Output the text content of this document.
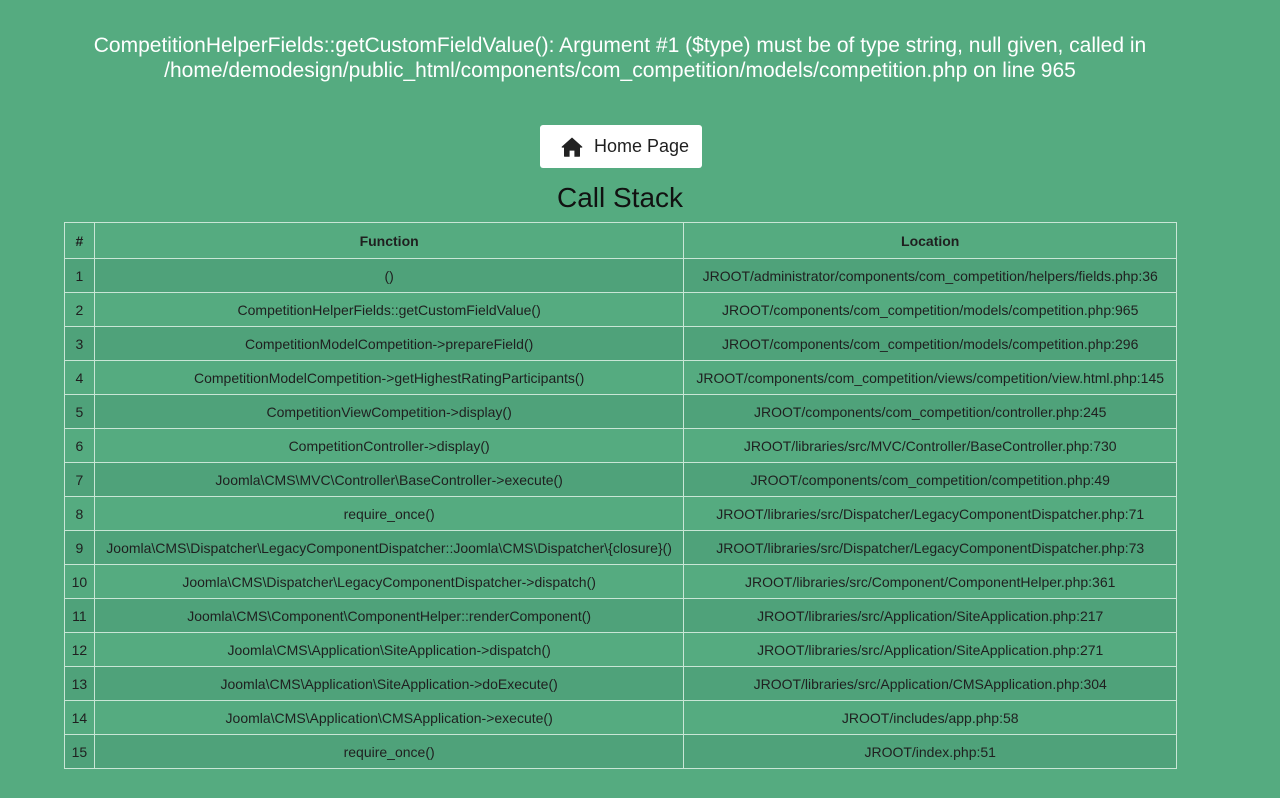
CompetitionHelperFields::getCustomFieldValue(): Argument #1 ($type) must be of type string, null given, called in
/home/demodesign/public_html/components/com_competition/models/competition.php on line 965
Home Page
Call Stack
#	Function	Location
1	()	JROOT/administrator/components/com_competition/helpers/fields.php:36
2	CompetitionHelperFields::getCustomFieldValue()	JROOT/components/com_competition/models/competition.php:965
3	CompetitionModelCompetition->prepareField()	JROOT/components/com_competition/models/competition.php:296
4	CompetitionModelCompetition->getHighestRatingParticipants()	JROOT/components/com_competition/views/competition/view.html.php:145
5	CompetitionViewCompetition->display()	JROOT/components/com_competition/controller.php:245
6	CompetitionController->display()	JROOT/libraries/src/MVC/Controller/BaseController.php:730
7	Joomla\CMS\MVC\Controller\BaseController->execute()	JROOT/components/com_competition/competition.php:49
8	require_once()	JROOT/libraries/src/Dispatcher/LegacyComponentDispatcher.php:71
9	Joomla\CMS\Dispatcher\LegacyComponentDispatcher::Joomla\CMS\Dispatcher\{closure}()	JROOT/libraries/src/Dispatcher/LegacyComponentDispatcher.php:73
10	Joomla\CMS\Dispatcher\LegacyComponentDispatcher->dispatch()	JROOT/libraries/src/Component/ComponentHelper.php:361
11	Joomla\CMS\Component\ComponentHelper::renderComponent()	JROOT/libraries/src/Application/SiteApplication.php:217
12	Joomla\CMS\Application\SiteApplication->dispatch()	JROOT/libraries/src/Application/SiteApplication.php:271
13	Joomla\CMS\Application\SiteApplication->doExecute()	JROOT/libraries/src/Application/CMSApplication.php:304
14	Joomla\CMS\Application\CMSApplication->execute()	JROOT/includes/app.php:58
15	require_once()	JROOT/index.php:51
